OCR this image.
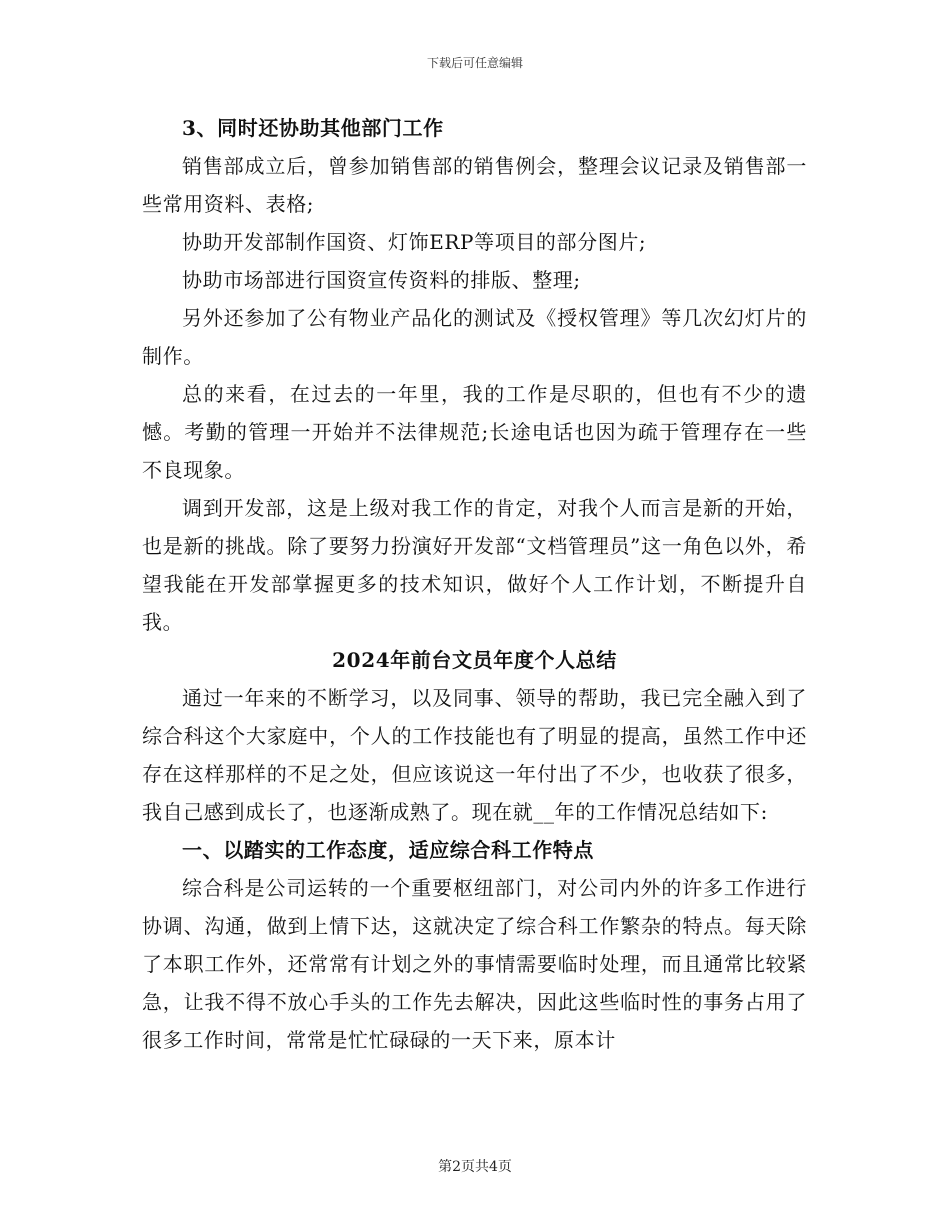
下载后可任意编辑

3、同时还协助其他部门工作

销售部成立后，曾参加销售部的销售例会，整理会议记录及销售部一些常用资料、表格;

协助开发部制作国资、灯饰ERP等项目的部分图片;

协助市场部进行国资宣传资料的排版、整理;

另外还参加了公有物业产品化的测试及《授权管理》等几次幻灯片的制作。

总的来看，在过去的一年里，我的工作是尽职的，但也有不少的遗憾。考勤的管理一开始并不法律规范;长途电话也因为疏于管理存在一些不良现象。

调到开发部，这是上级对我工作的肯定，对我个人而言是新的开始，也是新的挑战。除了要努力扮演好开发部“文档管理员”这一角色以外，希望我能在开发部掌握更多的技术知识，做好个人工作计划，不断提升自我。

2024年前台文员年度个人总结

通过一年来的不断学习，以及同事、领导的帮助，我已完全融入到了综合科这个大家庭中，个人的工作技能也有了明显的提高，虽然工作中还存在这样那样的不足之处，但应该说这一年付出了不少，也收获了很多，我自己感到成长了，也逐渐成熟了。现在就__年的工作情况总结如下:

一、以踏实的工作态度，适应综合科工作特点

综合科是公司运转的一个重要枢纽部门，对公司内外的许多工作进行协调、沟通，做到上情下达，这就决定了综合科工作繁杂的特点。每天除了本职工作外，还常常有计划之外的事情需要临时处理，而且通常比较紧急，让我不得不放心手头的工作先去解决，因此这些临时性的事务占用了很多工作时间，常常是忙忙碌碌的一天下来，原本计

第2页共4页
